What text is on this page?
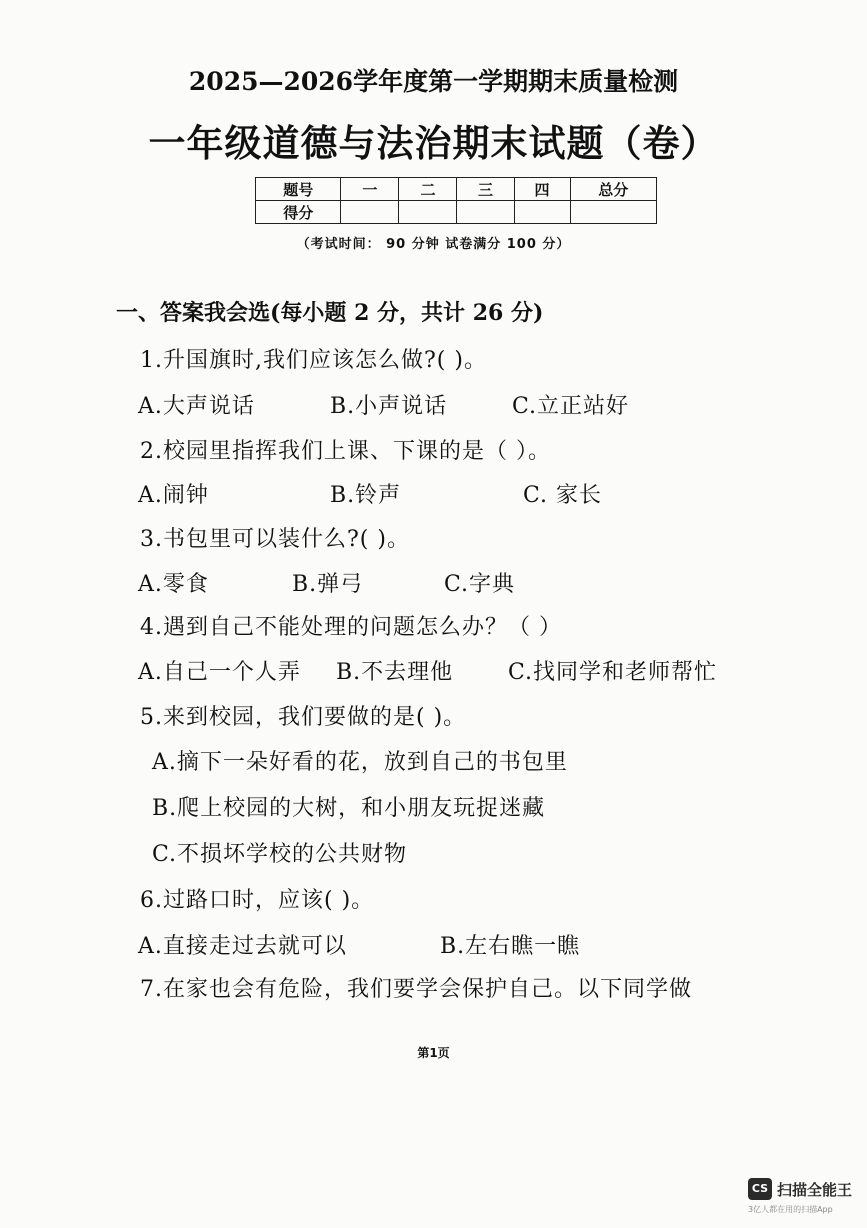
2025—2026学年度第一学期期末质量检测
一年级道德与法治期末试题（卷）
题号	一	二	三	四	总分
得分					
（考试时间： 90 分钟 试卷满分 100 分）
一、答案我会选(每小题 2 分，共计 26 分)
1.升国旗时,我们应该怎么做?( )。
A.大声说话	B.小声说话	C.立正站好
2.校园里指挥我们上课、下课的是（ ）。
A.闹钟	B.铃声	C. 家长
3.书包里可以装什么?( )。
A.零食	B.弹弓	C.字典
4.遇到自己不能处理的问题怎么办？（ ）
A.自己一个人弄 B.不去理他 C.找同学和老师帮忙
5.来到校园，我们要做的是( )。
A.摘下一朵好看的花，放到自己的书包里
B.爬上校园的大树，和小朋友玩捉迷藏
C.不损坏学校的公共财物
6.过路口时，应该( )。
A.直接走过去就可以	B.左右瞧一瞧
7.在家也会有危险，我们要学会保护自己。以下同学做
第1页
CS 扫描全能王
3亿人都在用的扫描App
